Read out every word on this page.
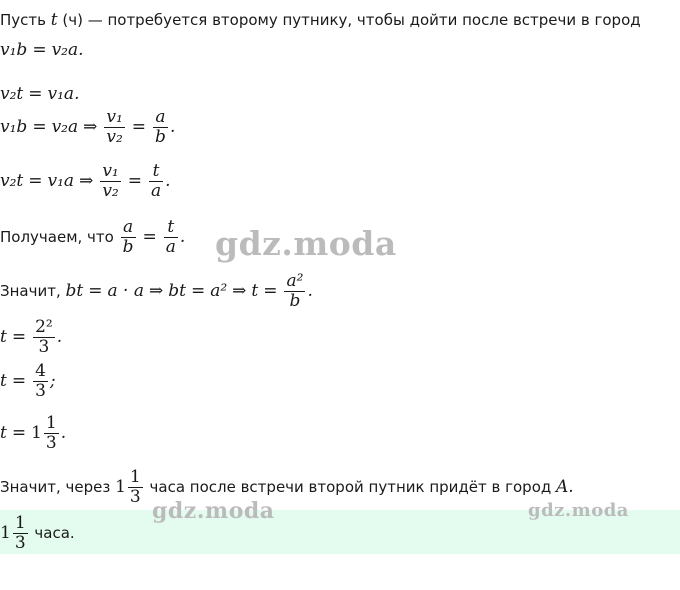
Пусть t (ч) — потребуется второму путнику, чтобы дойти после встречи в город
v₁b = v₂a.
v₂t = v₁a.
v₁b = v₂a ⇒ $\frac{\text{v₁}}{\text{v₂}} = \frac{a}{b}$ .
v₂t = v₁a ⇒ $\frac{\text{v₁}}{\text{v₂}} = \frac{t}{a}$ .
Получаем, что $\frac{a}{b} = \frac{t}{a}$ . gdz.moda
Значит, bt = a · a ⇒ bt = a² ⇒ $t = \frac{\text{a²}}{b}$ .
$t = \frac{\text{2²}}{3}$ .
$t = \frac{4}{3}$ ;
$t = 1 \frac{1}{3}$ .
Значит, через $1 \frac{1}{3}$ часа после встречи второй путник придёт в город A.
gdz.moda	gdz.moda
$1 \frac{1}{3}$ часа.
